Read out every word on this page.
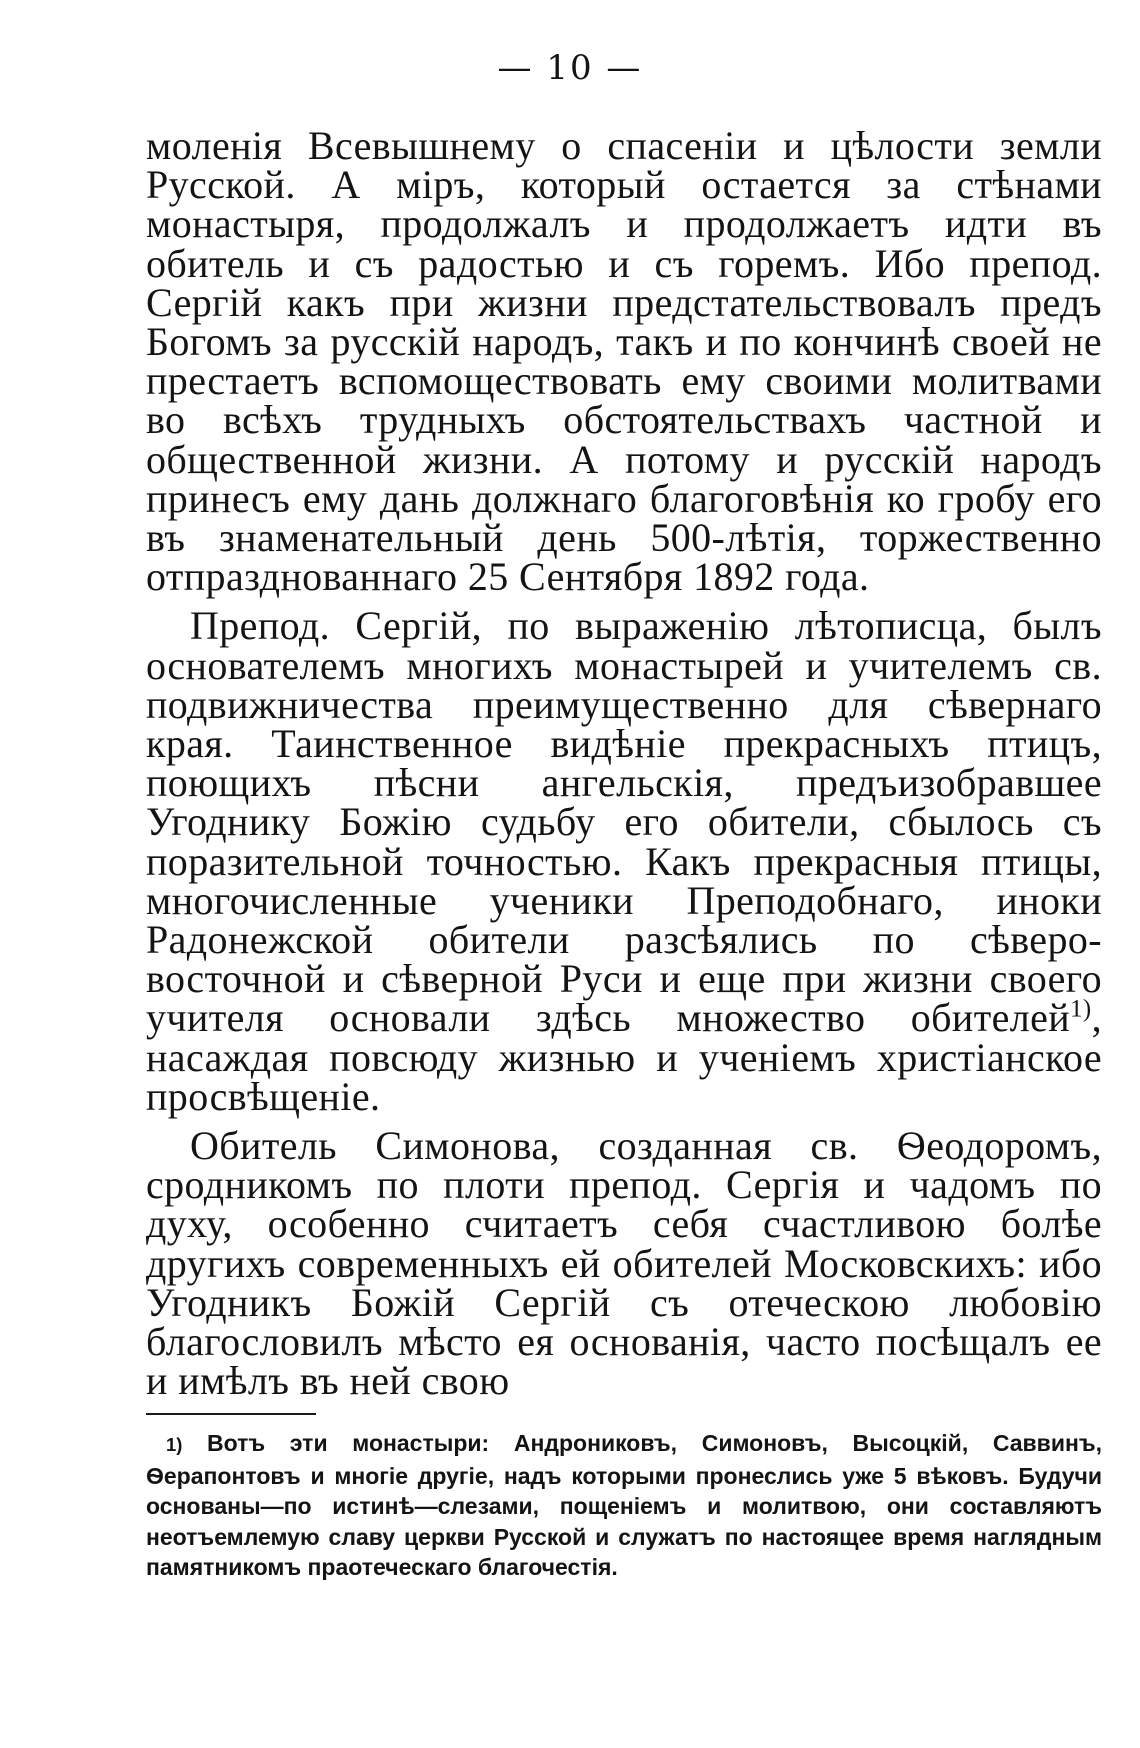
— 10 —

моленія Всевышнему о спасеніи и цѣлости земли Русской. А міръ, который остается за стѣнами монастыря, продолжалъ и продолжаетъ идти въ обитель и съ радостью и съ горемъ. Ибо препод. Сергій какъ при жизни предстательствовалъ предъ Богомъ за русскій народъ, такъ и по кончинѣ своей не престаетъ вспомоществовать ему своими молитвами во всѣхъ трудныхъ обстоятельствахъ частной и общественной жизни. А потому и русскій народъ принесъ ему дань должнаго благоговѣнія ко гробу его въ знаменательный день 500-лѣтія, торжественно отпразднованнаго 25 Сентября 1892 года.

Препод. Сергій, по выраженію лѣтописца, былъ основателемъ многихъ монастырей и учителемъ св. подвижничества преимущественно для сѣвернаго края. Таинственное видѣніе прекрасныхъ птицъ, поющихъ пѣсни ангельскія, предъизобравшее Угоднику Божію судьбу его обители, сбылось съ поразительной точностью. Какъ прекрасныя птицы, многочисленные ученики Преподобнаго, иноки Радонежской обители разсѣялись по сѣверо-восточной и сѣверной Руси и еще при жизни своего учителя основали здѣсь множество обителей$^{1)}$, насаждая повсюду жизнью и ученіемъ христіанское просвѣщеніе.

Обитель Симонова, созданная св. Ѳеодоромъ, сродникомъ по плоти препод. Сергія и чадомъ по духу, особенно считаетъ себя счастливою болѣе другихъ современныхъ ей обителей Московскихъ: ибо Угодникъ Божій Сергій съ отеческою любовію благословилъ мѣсто ея основанія, часто посѣщалъ ее и имѣлъ въ ней свою

1) Вотъ эти монастыри: Андрониковъ, Симоновъ, Высоцкій, Саввинъ, Ѳерапонтовъ и многіе другіе, надъ которыми пронеслись уже 5 вѣковъ. Будучи основаны—по истинѣ—слезами, пощеніемъ и молитвою, они составляютъ неотъемлемую славу церкви Русской и служатъ по настоящее время наглядным памятникомъ праотеческаго благочестія.
